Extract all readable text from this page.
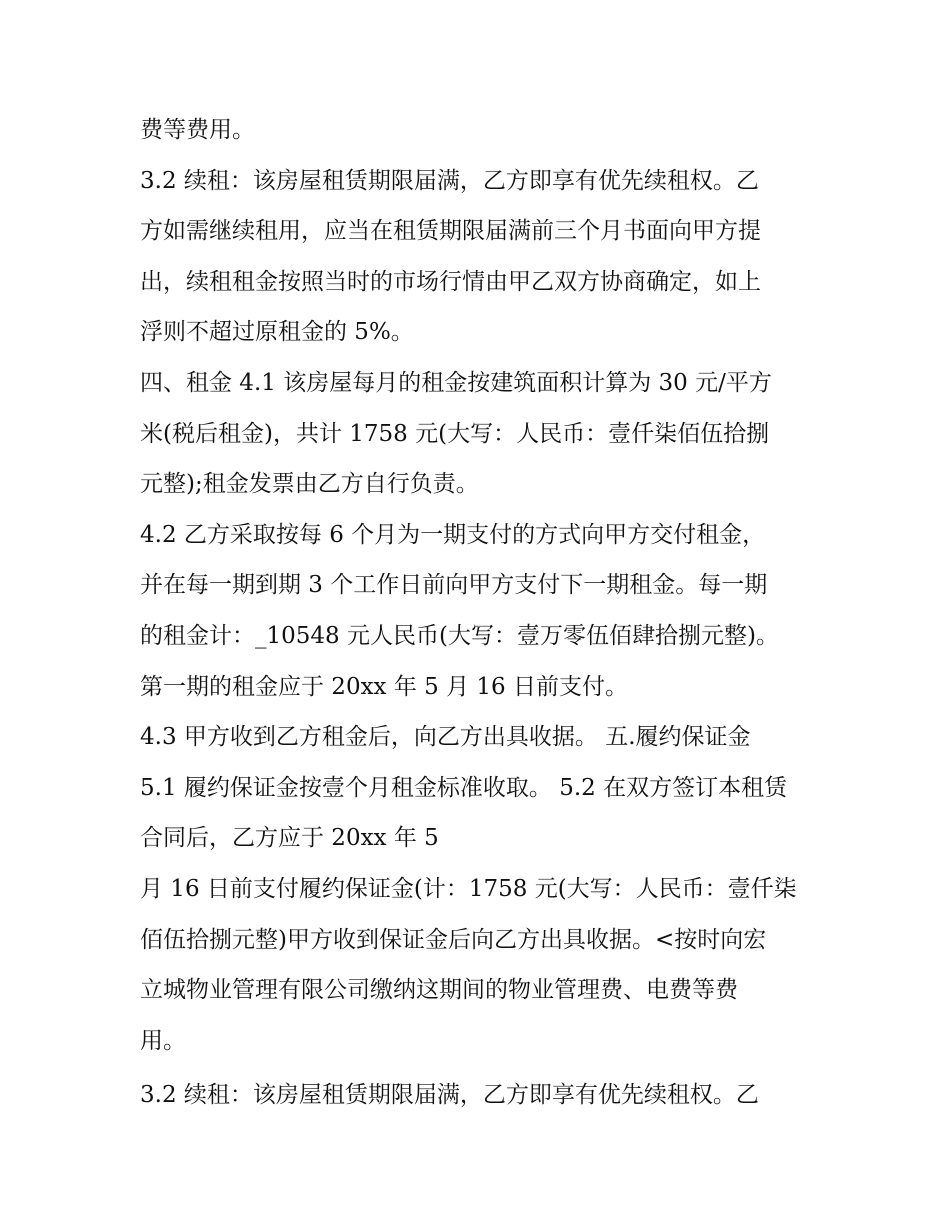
费等费用。

3.2 续租：该房屋租赁期限届满，乙方即享有优先续租权。乙

方如需继续租用，应当在租赁期限届满前三个月书面向甲方提

出，续租租金按照当时的市场行情由甲乙双方协商确定，如上

浮则不超过原租金的 5%。

四、租金 4.1 该房屋每月的租金按建筑面积计算为 30 元/平方

米(税后租金)，共计 1758 元(大写：人民币：壹仟柒佰伍拾捌

元整);租金发票由乙方自行负责。

4.2 乙方采取按每 6 个月为一期支付的方式向甲方交付租金，

并在每一期到期 3 个工作日前向甲方支付下一期租金。每一期

的租金计：_10548 元人民币(大写：壹万零伍佰肆拾捌元整)。

第一期的租金应于 20xx 年 5 月 16 日前支付。

4.3 甲方收到乙方租金后，向乙方出具收据。 五.履约保证金

5.1 履约保证金按壹个月租金标准收取。 5.2 在双方签订本租赁

合同后，乙方应于 20xx 年 5

月 16 日前支付履约保证金(计：1758 元(大写：人民币：壹仟柒

佰伍拾捌元整)甲方收到保证金后向乙方出具收据。<按时向宏

立城物业管理有限公司缴纳这期间的物业管理费、电费等费

用。

3.2 续租：该房屋租赁期限届满，乙方即享有优先续租权。乙
